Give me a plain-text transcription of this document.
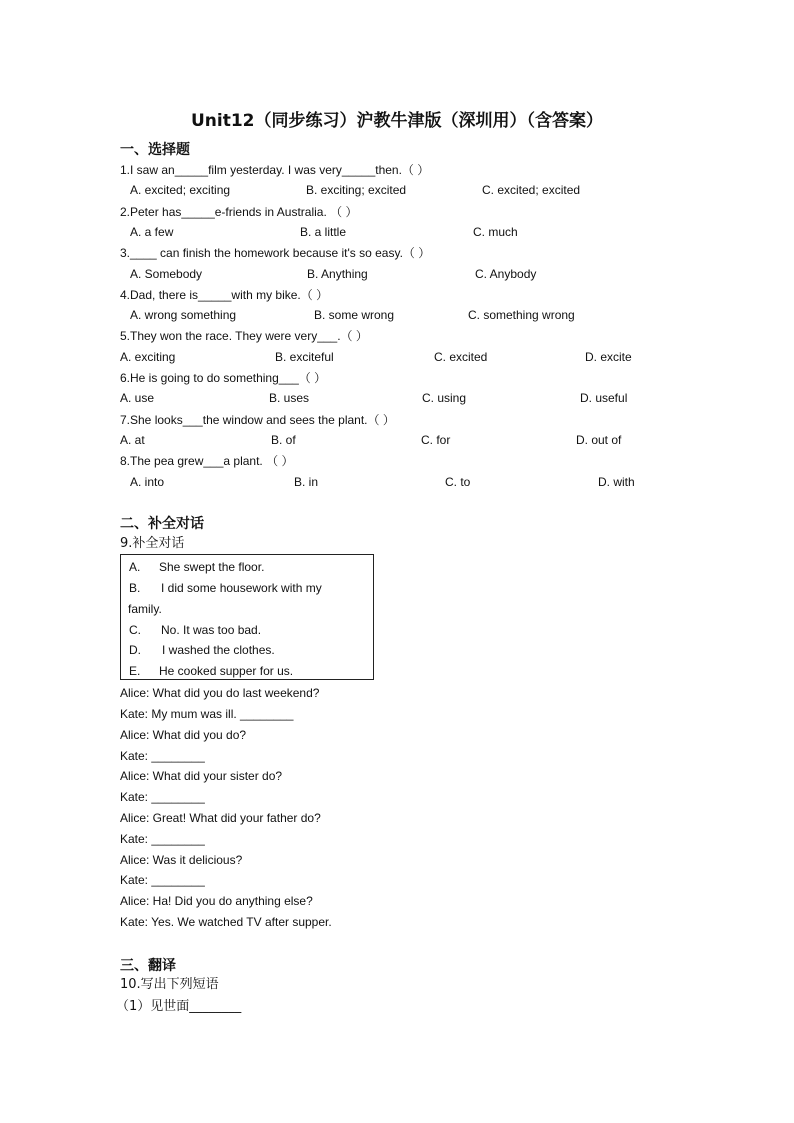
Unit12（同步练习）沪教牛津版（深圳用）（含答案）
一、选择题
1.I saw an_____film yesterday. I was very_____then.（ ）
A. excited; exciting	B. exciting; excited	C. excited; excited
2.Peter has_____e-friends in Australia. （ ）
A. a few	B. a little	C. much
3.____ can finish the homework because it's so easy.（ ）
A. Somebody	B. Anything	C. Anybody
4.Dad, there is_____with my bike.（ ）
A. wrong something	B. some wrong	C. something wrong
5.They won the race. They were very___.（ ）
A. exciting	B. exciteful	C. excited	D. excite
6.He is going to do something___（ ）
A. use	B. uses	C. using	D. useful
7.She looks___the window and sees the plant.（ ）
A. at	B. of	C. for	D. out of
8.The pea grew___a plant. （ ）
A. into	B. in	C. to	D. with
二、补全对话
9.补全对话
A. She swept the floor.
B. I did some housework with my
family.
C. No. It was too bad.
D. I washed the clothes.
E. He cooked supper for us.
Alice: What did you do last weekend?
Kate: My mum was ill. ________
Alice: What did you do?
Kate: ________
Alice: What did your sister do?
Kate: ________
Alice: Great! What did your father do?
Kate: ________
Alice: Was it delicious?
Kate: ________
Alice: Ha! Did you do anything else?
Kate: Yes. We watched TV after supper.
三、翻译
10.写出下列短语
（1）见世面________
